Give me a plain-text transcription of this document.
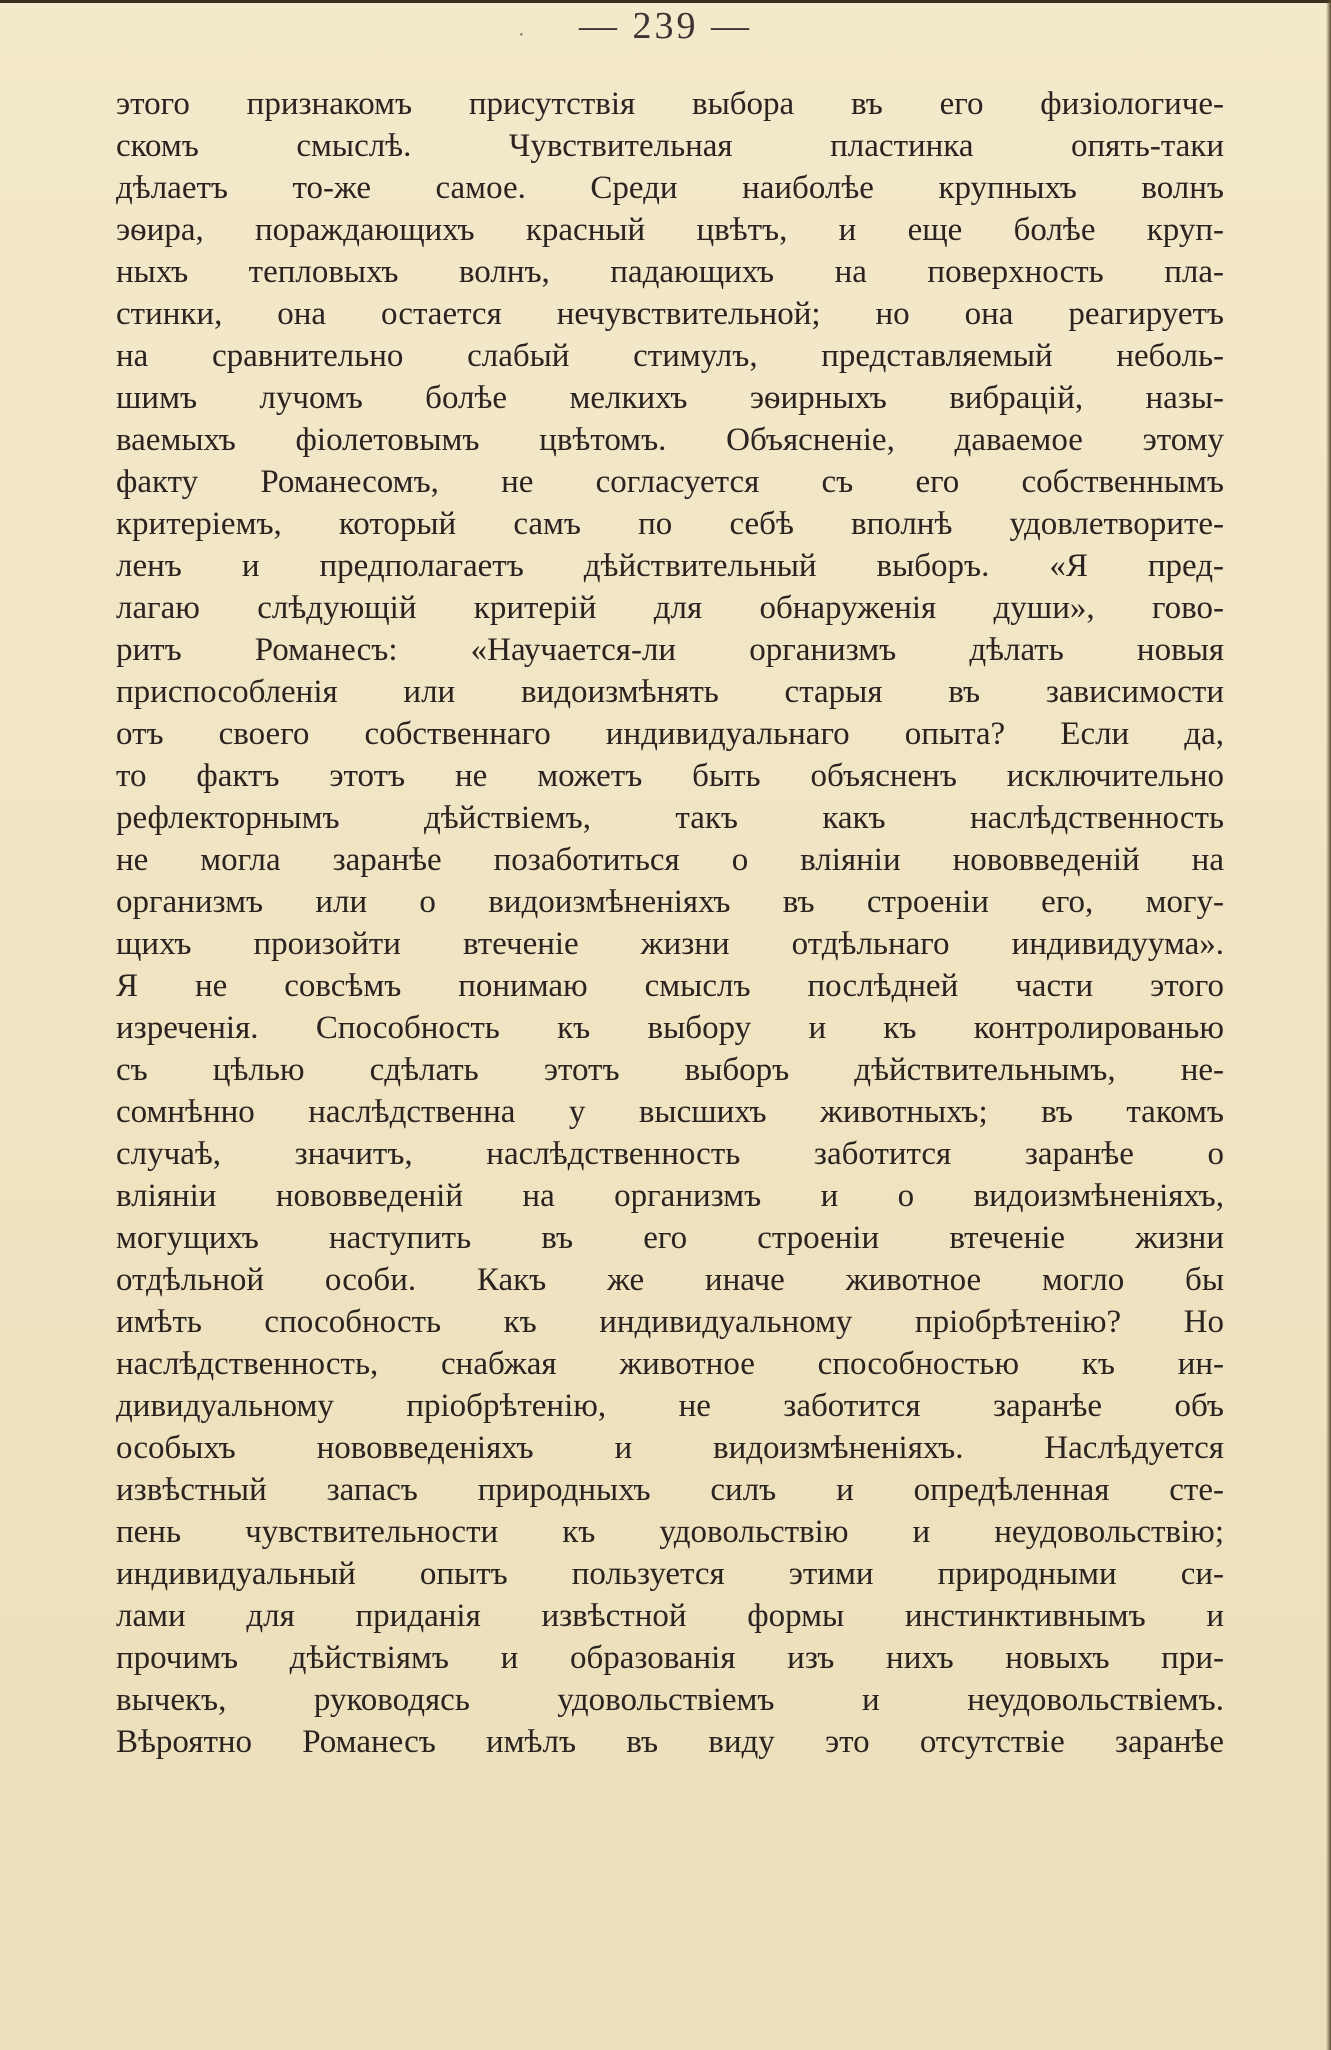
·	— 239 —
этого признакомъ присутствія выбора въ его физіологиче-
скомъ смыслѣ. Чувствительная пластинка опять-таки
дѣлаетъ то-же самое. Среди наиболѣе крупныхъ волнъ
эѳира, пораждающихъ красный цвѣтъ, и еще болѣе круп-
ныхъ тепловыхъ волнъ, падающихъ на поверхность пла-
стинки, она остается нечувствительной; но она реагируетъ
на сравнительно слабый стимулъ, представляемый неболь-
шимъ лучомъ болѣе мелкихъ эѳирныхъ вибрацій, назы-
ваемыхъ фіолетовымъ цвѣтомъ. Объясненіе, даваемое этому
факту Романесомъ, не согласуется съ его собственнымъ
критеріемъ, который самъ по себѣ вполнѣ удовлетворите-
ленъ и предполагаетъ дѣйствительный выборъ. «Я пред-
лагаю слѣдующій критерій для обнаруженія души», гово-
ритъ Романесъ: «Научается-ли организмъ дѣлать новыя
приспособленія или видоизмѣнять старыя въ зависимости
отъ своего собственнаго индивидуальнаго опыта? Если да,
то фактъ этотъ не можетъ быть объясненъ исключительно
рефлекторнымъ дѣйствіемъ, такъ какъ наслѣдственность
не могла заранѣе позаботиться о вліяніи нововведеній на
организмъ или о видоизмѣненіяхъ въ строеніи его, могу-
щихъ произойти втеченіе жизни отдѣльнаго индивидуума».
Я не совсѣмъ понимаю смыслъ послѣдней части этого
изреченія. Способность къ выбору и къ контролированью
съ цѣлью сдѣлать этотъ выборъ дѣйствительнымъ, не-
сомнѣнно наслѣдственна у высшихъ животныхъ; въ такомъ
случаѣ, значитъ, наслѣдственность заботится заранѣе о
вліяніи нововведеній на организмъ и о видоизмѣненіяхъ,
могущихъ наступить въ его строеніи втеченіе жизни
отдѣльной особи. Какъ же иначе животное могло бы
имѣть способность къ индивидуальному пріобрѣтенію? Но
наслѣдственность, снабжая животное способностью къ ин-
дивидуальному пріобрѣтенію, не заботится заранѣе объ
особыхъ нововведеніяхъ и видоизмѣненіяхъ. Наслѣдуется
извѣстный запасъ природныхъ силъ и опредѣленная сте-
пень чувствительности къ удовольствію и неудовольствію;
индивидуальный опытъ пользуется этими природными си-
лами для приданія извѣстной формы инстинктивнымъ и
прочимъ дѣйствіямъ и образованія изъ нихъ новыхъ при-
вычекъ, руководясь удовольствіемъ и неудовольствіемъ.
Вѣроятно Романесъ имѣлъ въ виду это отсутствіе заранѣе
